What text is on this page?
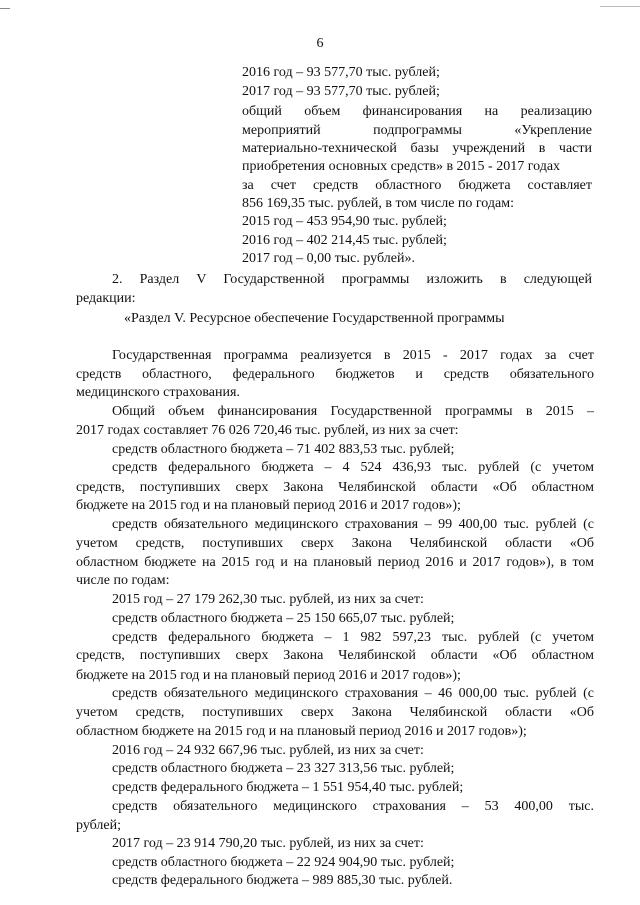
6
2016 год – 93 577,70 тыс. рублей;
2017 год – 93 577,70 тыс. рублей;
общий объем финансирования на реализацию
мероприятий подпрограммы «Укрепление
материально-технической базы учреждений в части
приобретения основных средств» в 2015 - 2017 годах
за счет средств областного бюджета составляет
856 169,35 тыс. рублей, в том числе по годам:
2015 год – 453 954,90 тыс. рублей;
2016 год – 402 214,45 тыс. рублей;
2017 год – 0,00 тыс. рублей».
2. Раздел V Государственной программы изложить в следующей
редакции:
«Раздел V. Ресурсное обеспечение Государственной программы
Государственная программа реализуется в 2015 - 2017 годах за счет
средств областного, федерального бюджетов и средств обязательного
медицинского страхования.
Общий объем финансирования Государственной программы в 2015 –
2017 годах составляет 76 026 720,46 тыс. рублей, из них за счет:
средств областного бюджета – 71 402 883,53 тыс. рублей;
средств федерального бюджета – 4 524 436,93 тыс. рублей (с учетом
средств, поступивших сверх Закона Челябинской области «Об областном
бюджете на 2015 год и на плановый период 2016 и 2017 годов»);
средств обязательного медицинского страхования – 99 400,00 тыс. рублей (с
учетом средств, поступивших сверх Закона Челябинской области «Об
областном бюджете на 2015 год и на плановый период 2016 и 2017 годов»), в том
числе по годам:
2015 год – 27 179 262,30 тыс. рублей, из них за счет:
средств областного бюджета – 25 150 665,07 тыс. рублей;
средств федерального бюджета – 1 982 597,23 тыс. рублей (с учетом
средств, поступивших сверх Закона Челябинской области «Об областном
бюджете на 2015 год и на плановый период 2016 и 2017 годов»);
средств обязательного медицинского страхования – 46 000,00 тыс. рублей (с
учетом средств, поступивших сверх Закона Челябинской области «Об
областном бюджете на 2015 год и на плановый период 2016 и 2017 годов»);
2016 год – 24 932 667,96 тыс. рублей, из них за счет:
средств областного бюджета – 23 327 313,56 тыс. рублей;
средств федерального бюджета – 1 551 954,40 тыс. рублей;
средств обязательного медицинского страхования – 53 400,00 тыс.
рублей;
2017 год – 23 914 790,20 тыс. рублей, из них за счет:
средств областного бюджета – 22 924 904,90 тыс. рублей;
средств федерального бюджета – 989 885,30 тыс. рублей.
